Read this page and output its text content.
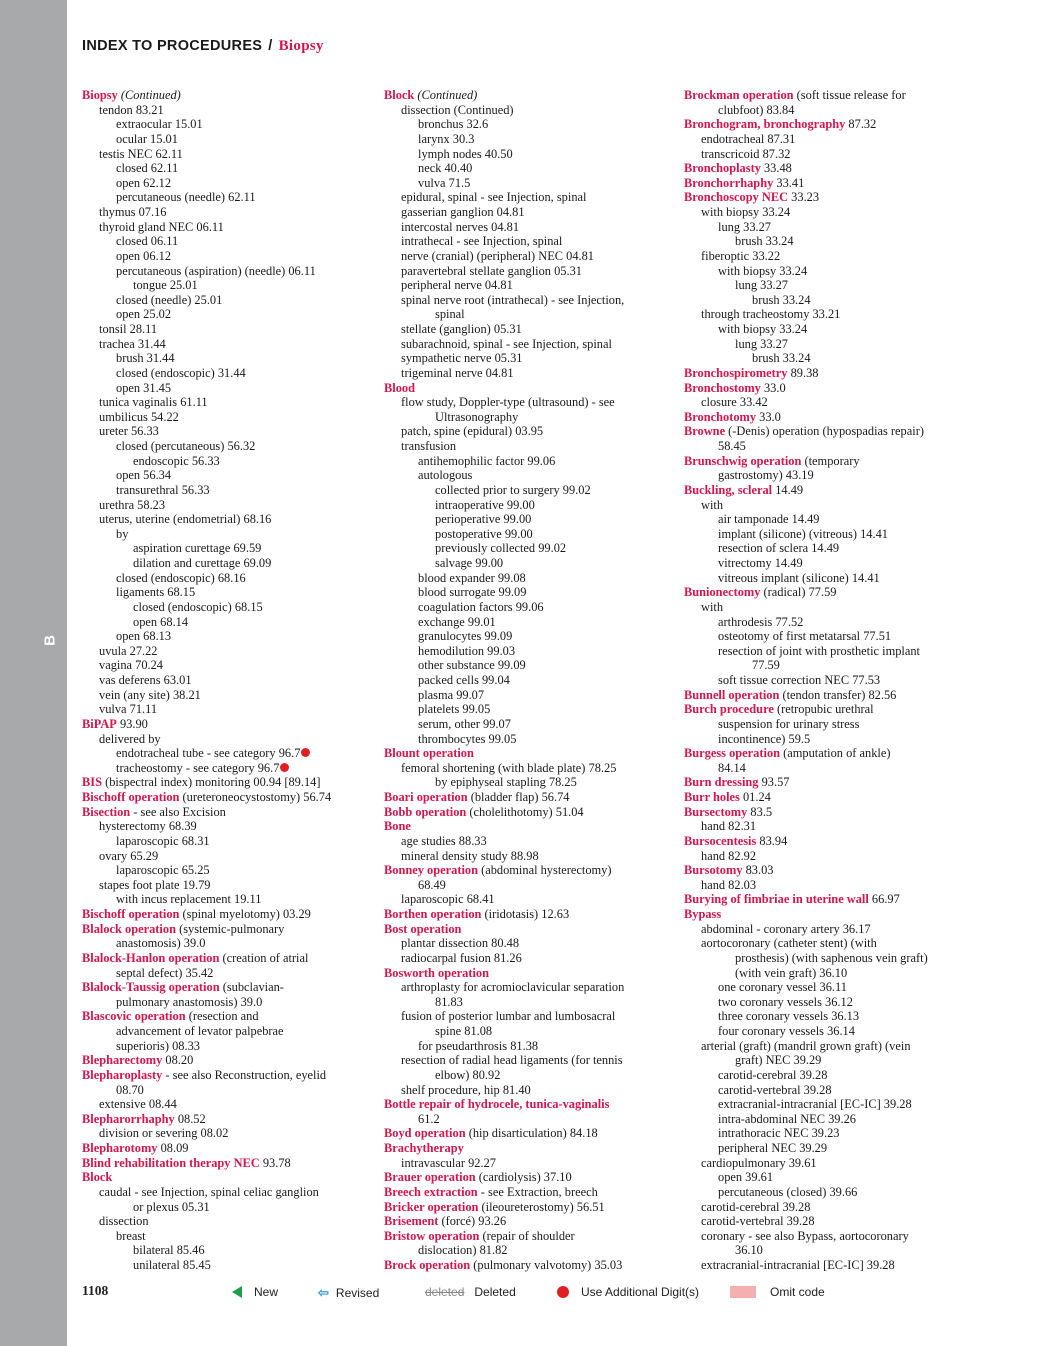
B
INDEX TO PROCEDURES / Biopsy
Biopsy (Continued)
tendon 83.21
extraocular 15.01
ocular 15.01
testis NEC 62.11
closed 62.11
open 62.12
percutaneous (needle) 62.11
thymus 07.16
thyroid gland NEC 06.11
closed 06.11
open 06.12
percutaneous (aspiration) (needle) 06.11
tongue 25.01
closed (needle) 25.01
open 25.02
tonsil 28.11
trachea 31.44
brush 31.44
closed (endoscopic) 31.44
open 31.45
tunica vaginalis 61.11
umbilicus 54.22
ureter 56.33
closed (percutaneous) 56.32
endoscopic 56.33
open 56.34
transurethral 56.33
urethra 58.23
uterus, uterine (endometrial) 68.16
by
aspiration curettage 69.59
dilation and curettage 69.09
closed (endoscopic) 68.16
ligaments 68.15
closed (endoscopic) 68.15
open 68.14
open 68.13
uvula 27.22
vagina 70.24
vas deferens 63.01
vein (any site) 38.21
vulva 71.11
BiPAP 93.90
delivered by
endotracheal tube - see category 96.7
tracheostomy - see category 96.7
BIS (bispectral index) monitoring 00.94 [89.14]
Bischoff operation (ureteroneocystostomy) 56.74
Bisection - see also Excision
hysterectomy 68.39
laparoscopic 68.31
ovary 65.29
laparoscopic 65.25
stapes foot plate 19.79
with incus replacement 19.11
Bischoff operation (spinal myelotomy) 03.29
Blalock operation (systemic-pulmonary
anastomosis) 39.0
Blalock-Hanlon operation (creation of atrial
septal defect) 35.42
Blalock-Taussig operation (subclavian-
pulmonary anastomosis) 39.0
Blascovic operation (resection and
advancement of levator palpebrae
superioris) 08.33
Blepharectomy 08.20
Blepharoplasty - see also Reconstruction, eyelid
08.70
extensive 08.44
Blepharorrhaphy 08.52
division or severing 08.02
Blepharotomy 08.09
Blind rehabilitation therapy NEC 93.78
Block
caudal - see Injection, spinal celiac ganglion
or plexus 05.31
dissection
breast
bilateral 85.46
unilateral 85.45
Block (Continued)
dissection (Continued)
bronchus 32.6
larynx 30.3
lymph nodes 40.50
neck 40.40
vulva 71.5
epidural, spinal - see Injection, spinal
gasserian ganglion 04.81
intercostal nerves 04.81
intrathecal - see Injection, spinal
nerve (cranial) (peripheral) NEC 04.81
paravertebral stellate ganglion 05.31
peripheral nerve 04.81
spinal nerve root (intrathecal) - see Injection,
spinal
stellate (ganglion) 05.31
subarachnoid, spinal - see Injection, spinal
sympathetic nerve 05.31
trigeminal nerve 04.81
Blood
flow study, Doppler-type (ultrasound) - see
Ultrasonography
patch, spine (epidural) 03.95
transfusion
antihemophilic factor 99.06
autologous
collected prior to surgery 99.02
intraoperative 99.00
perioperative 99.00
postoperative 99.00
previously collected 99.02
salvage 99.00
blood expander 99.08
blood surrogate 99.09
coagulation factors 99.06
exchange 99.01
granulocytes 99.09
hemodilution 99.03
other substance 99.09
packed cells 99.04
plasma 99.07
platelets 99.05
serum, other 99.07
thrombocytes 99.05
Blount operation
femoral shortening (with blade plate) 78.25
by epiphyseal stapling 78.25
Boari operation (bladder flap) 56.74
Bobb operation (cholelithotomy) 51.04
Bone
age studies 88.33
mineral density study 88.98
Bonney operation (abdominal hysterectomy)
68.49
laparoscopic 68.41
Borthen operation (iridotasis) 12.63
Bost operation
plantar dissection 80.48
radiocarpal fusion 81.26
Bosworth operation
arthroplasty for acromioclavicular separation
81.83
fusion of posterior lumbar and lumbosacral
spine 81.08
for pseudarthrosis 81.38
resection of radial head ligaments (for tennis
elbow) 80.92
shelf procedure, hip 81.40
Bottle repair of hydrocele, tunica-vaginalis
61.2
Boyd operation (hip disarticulation) 84.18
Brachytherapy
intravascular 92.27
Brauer operation (cardiolysis) 37.10
Breech extraction - see Extraction, breech
Bricker operation (ileoureterostomy) 56.51
Brisement (forcé) 93.26
Bristow operation (repair of shoulder
dislocation) 81.82
Brock operation (pulmonary valvotomy) 35.03
Brockman operation (soft tissue release for
clubfoot) 83.84
Bronchogram, bronchography 87.32
endotracheal 87.31
transcricoid 87.32
Bronchoplasty 33.48
Bronchorrhaphy 33.41
Bronchoscopy NEC 33.23
with biopsy 33.24
lung 33.27
brush 33.24
fiberoptic 33.22
with biopsy 33.24
lung 33.27
brush 33.24
through tracheostomy 33.21
with biopsy 33.24
lung 33.27
brush 33.24
Bronchospirometry 89.38
Bronchostomy 33.0
closure 33.42
Bronchotomy 33.0
Browne (-Denis) operation (hypospadias repair)
58.45
Brunschwig operation (temporary
gastrostomy) 43.19
Buckling, scleral 14.49
with
air tamponade 14.49
implant (silicone) (vitreous) 14.41
resection of sclera 14.49
vitrectomy 14.49
vitreous implant (silicone) 14.41
Bunionectomy (radical) 77.59
with
arthrodesis 77.52
osteotomy of first metatarsal 77.51
resection of joint with prosthetic implant
77.59
soft tissue correction NEC 77.53
Bunnell operation (tendon transfer) 82.56
Burch procedure (retropubic urethral
suspension for urinary stress
incontinence) 59.5
Burgess operation (amputation of ankle)
84.14
Burn dressing 93.57
Burr holes 01.24
Bursectomy 83.5
hand 82.31
Bursocentesis 83.94
hand 82.92
Bursotomy 83.03
hand 82.03
Burying of fimbriae in uterine wall 66.97
Bypass
abdominal - coronary artery 36.17
aortocoronary (catheter stent) (with
prosthesis) (with saphenous vein graft)
(with vein graft) 36.10
one coronary vessel 36.11
two coronary vessels 36.12
three coronary vessels 36.13
four coronary vessels 36.14
arterial (graft) (mandril grown graft) (vein
graft) NEC 39.29
carotid-cerebral 39.28
carotid-vertebral 39.28
extracranial-intracranial [EC-IC] 39.28
intra-abdominal NEC 39.26
intrathoracic NEC 39.23
peripheral NEC 39.29
cardiopulmonary 39.61
open 39.61
percutaneous (closed) 39.66
carotid-cerebral 39.28
carotid-vertebral 39.28
coronary - see also Bypass, aortocoronary
36.10
extracranial-intracranial [EC-IC] 39.28
1108	New	⇦ Revised	deleted Deleted	Use Additional Digit(s)	Omit code
